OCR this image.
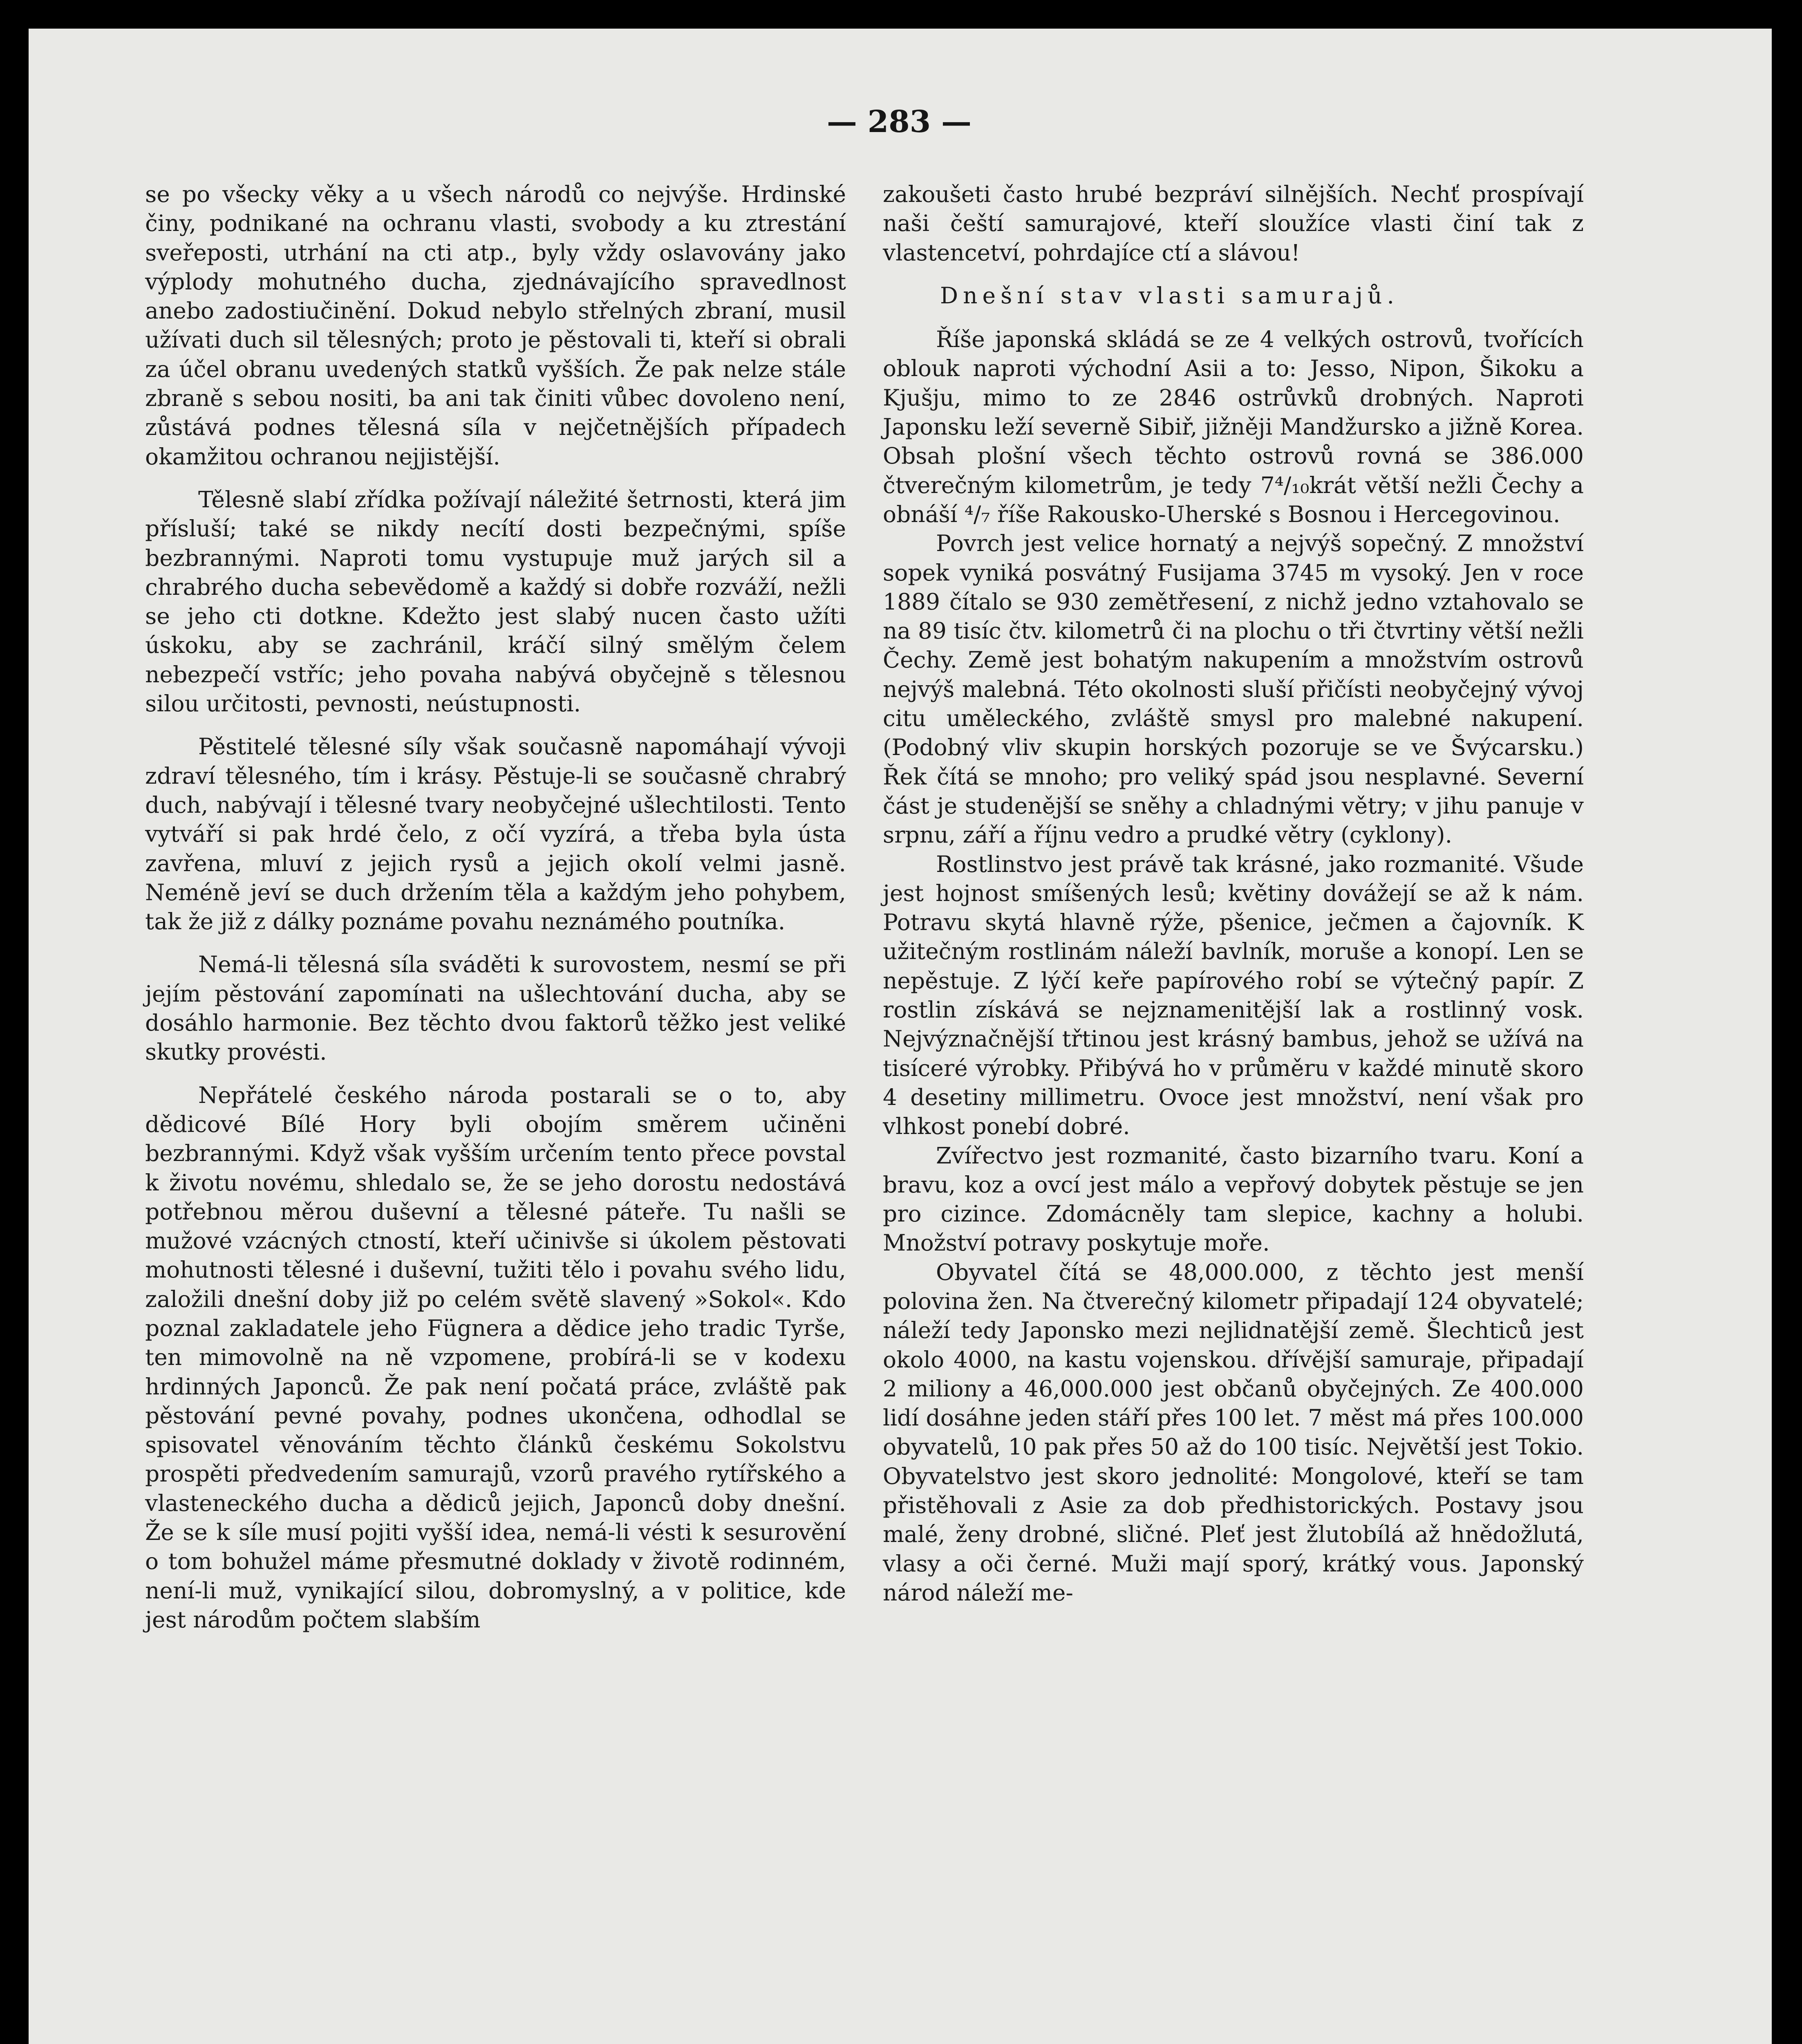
— 283 —

se po všecky věky a u všech národů co nejvýše. Hrdinské činy, podnikané na ochranu vlasti, svobody a ku ztrestání sveřeposti, utrhání na cti atp., byly vždy oslavovány jako výplody mohutného ducha, zjednávajícího spravedlnost anebo zadostiučinění. Dokud nebylo střelných zbraní, musil užívati duch sil tělesných; proto je pěstovali ti, kteří si obrali za účel obranu uvedených statků vyšších. Že pak nelze stále zbraně s sebou nositi, ba ani tak činiti vůbec dovoleno není, zůstává podnes tělesná síla v nejčetnějších případech okamžitou ochranou nejjistější.

Tělesně slabí zřídka požívají náležité šetrnosti, která jim přísluší; také se nikdy necítí dosti bezpečnými, spíše bezbrannými. Naproti tomu vystupuje muž jarých sil a chrabrého ducha sebevědomě a každý si dobře rozváží, nežli se jeho cti dotkne. Kdežto jest slabý nucen často užíti úskoku, aby se zachránil, kráčí silný smělým čelem nebezpečí vstříc; jeho povaha nabývá obyčejně s tělesnou silou určitosti, pevnosti, neústupnosti.

Pěstitelé tělesné síly však současně napomáhají vývoji zdraví tělesného, tím i krásy. Pěstuje-li se současně chrabrý duch, nabývají i tělesné tvary neobyčejné ušlechtilosti. Tento vytváří si pak hrdé čelo, z očí vyzírá, a třeba byla ústa zavřena, mluví z jejich rysů a jejich okolí velmi jasně. Neméně jeví se duch držením těla a každým jeho pohybem, tak že již z dálky poznáme povahu neznámého poutníka.

Nemá-li tělesná síla sváděti k surovostem, nesmí se při jejím pěstování zapomínati na ušlechtování ducha, aby se dosáhlo harmonie. Bez těchto dvou faktorů těžko jest veliké skutky provésti.

Nepřátelé českého národa postarali se o to, aby dědicové Bílé Hory byli obojím směrem učiněni bezbrannými. Když však vyšším určením tento přece povstal k životu novému, shledalo se, že se jeho dorostu nedostává potřebnou měrou duševní a tělesné páteře. Tu našli se mužové vzácných ctností, kteří učinivše si úkolem pěstovati mohutnosti tělesné i duševní, tužiti tělo i povahu svého lidu, založili dnešní doby již po celém světě slavený »Sokol«. Kdo poznal zakladatele jeho Fügnera a dědice jeho tradic Tyrše, ten mimovolně na ně vzpomene, probírá-li se v kodexu hrdinných Japonců. Že pak není počatá práce, zvláště pak pěstování pevné povahy, podnes ukončena, odhodlal se spisovatel věnováním těchto článků českému Sokolstvu prospěti předvedením samurajů, vzorů pravého rytířského a vlasteneckého ducha a dědiců jejich, Japonců doby dnešní. Že se k síle musí pojiti vyšší idea, nemá-li vésti k sesurovění o tom bohužel máme přesmutné doklady v životě rodinném, není-li muž, vynikající silou, dobromyslný, a v politice, kde jest národům počtem slabším

zakoušeti často hrubé bezpráví silnějších. Nechť prospívají naši čeští samurajové, kteří sloužíce vlasti činí tak z vlastencetví, pohrdajíce ctí a slávou!

Dnešní stav vlasti samurajů.

Říše japonská skládá se ze 4 velkých ostrovů, tvořících oblouk naproti východní Asii a to: Jesso, Nipon, Šikoku a Kjušju, mimo to ze 2846 ostrůvků drobných. Naproti Japonsku leží severně Sibiř, jižněji Mandžursko a jižně Korea. Obsah plošní všech těchto ostrovů rovná se 386.000 čtverečným kilometrům, je tedy 7⁴/₁₀krát větší nežli Čechy a obnáší ⁴/₇ říše Rakousko-Uherské s Bosnou i Hercegovinou.

Povrch jest velice hornatý a nejvýš sopečný. Z množství sopek vyniká posvátný Fusijama 3745 m vysoký. Jen v roce 1889 čítalo se 930 zemětřesení, z nichž jedno vztahovalo se na 89 tisíc čtv. kilometrů či na plochu o tři čtvrtiny větší nežli Čechy. Země jest bohatým nakupením a množstvím ostrovů nejvýš malebná. Této okolnosti sluší přičísti neobyčejný vývoj citu uměleckého, zvláště smysl pro malebné nakupení. (Podobný vliv skupin horských pozoruje se ve Švýcarsku.) Řek čítá se mnoho; pro veliký spád jsou nesplavné. Severní část je studenější se sněhy a chladnými větry; v jihu panuje v srpnu, září a říjnu vedro a prudké větry (cyklony).

Rostlinstvo jest právě tak krásné, jako rozmanité. Všude jest hojnost smíšených lesů; květiny dovážejí se až k nám. Potravu skytá hlavně rýže, pšenice, ječmen a čajovník. K užitečným rostlinám náleží bavlník, moruše a konopí. Len se nepěstuje. Z lýčí keře papírového robí se výtečný papír. Z rostlin získává se nejznamenitější lak a rostlinný vosk. Nejvýznačnější třtinou jest krásný bambus, jehož se užívá na tisíceré výrobky. Přibývá ho v průměru v každé minutě skoro 4 desetiny millimetru. Ovoce jest množství, není však pro vlhkost ponebí dobré.

Zvířectvo jest rozmanité, často bizarního tvaru. Koní a bravu, koz a ovcí jest málo a vepřový dobytek pěstuje se jen pro cizince. Zdomácněly tam slepice, kachny a holubi. Množství potravy poskytuje moře.

Obyvatel čítá se 48,000.000, z těchto jest menší polovina žen. Na čtverečný kilometr připadají 124 obyvatelé; náleží tedy Japonsko mezi nejlidnatější země. Šlechticů jest okolo 4000, na kastu vojenskou. dřívější samuraje, připadají 2 miliony a 46,000.000 jest občanů obyčejných. Ze 400.000 lidí dosáhne jeden stáří přes 100 let. 7 měst má přes 100.000 obyvatelů, 10 pak přes 50 až do 100 tisíc. Největší jest Tokio. Obyvatelstvo jest skoro jednolité: Mongolové, kteří se tam přistěhovali z Asie za dob předhistorických. Postavy jsou malé, ženy drobné, sličné. Pleť jest žlutobílá až hnědožlutá, vlasy a oči černé. Muži mají sporý, krátký vous. Japonský národ náleží me-
